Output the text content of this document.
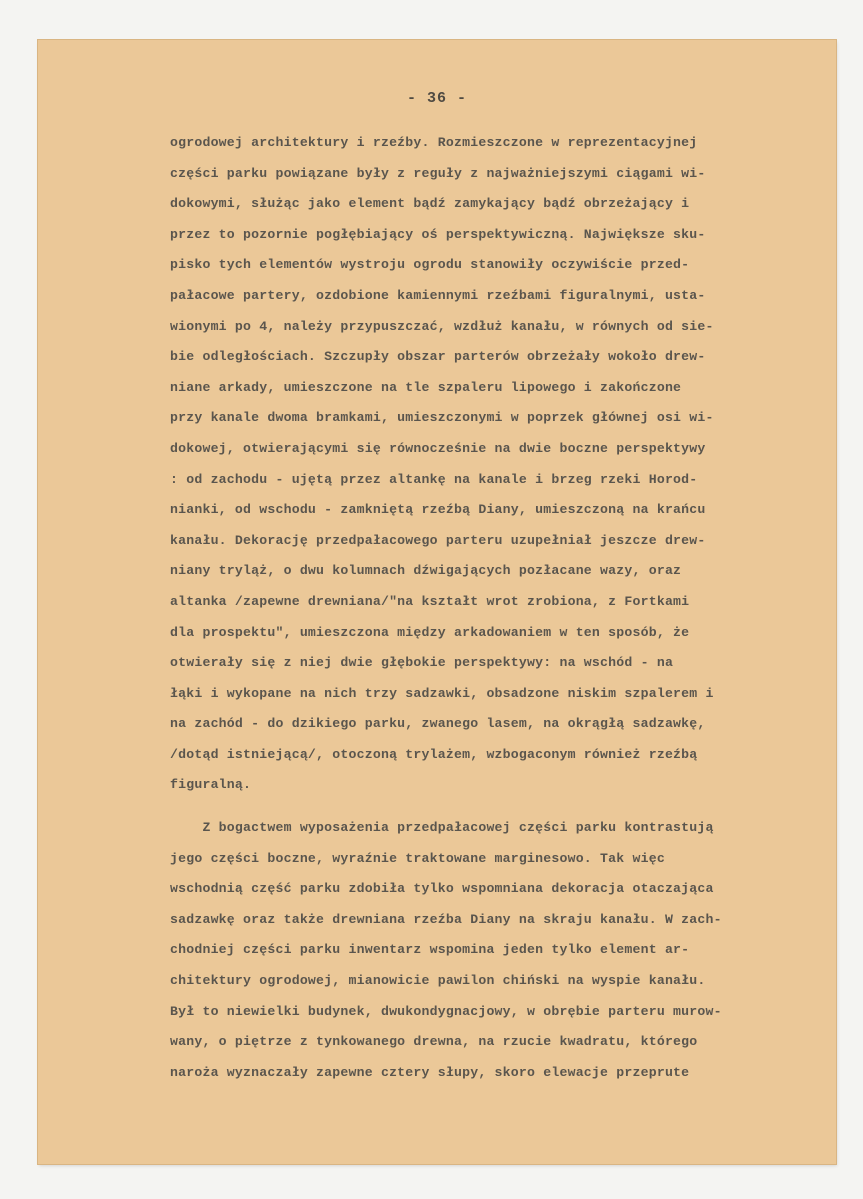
- 36 -
ogrodowej architektury i rzeźby. Rozmieszczone w reprezentacyjnej
części parku powiązane były z reguły z najważniejszymi ciągami wi-
dokowymi, służąc jako element bądź zamykający bądź obrzeżający i
przez to pozornie pogłębiający oś perspektywiczną. Największe sku-
pisko tych elementów wystroju ogrodu stanowiły oczywiście przed-
pałacowe partery, ozdobione kamiennymi rzeźbami figuralnymi, usta-
wionymi po 4, należy przypuszczać, wzdłuż kanału, w równych od sie-
bie odległościach. Szczupły obszar parterów obrzeżały wokoło drew-
niane arkady, umieszczone na tle szpaleru lipowego i zakończone
przy kanale dwoma bramkami, umieszczonymi w poprzek głównej osi wi-
dokowej, otwierającymi się równocześnie na dwie boczne perspektywy
: od zachodu - ujętą przez altankę na kanale i brzeg rzeki Horod-
nianki, od wschodu - zamkniętą rzeźbą Diany, umieszczoną na krańcu
kanału. Dekorację przedpałacowego parteru uzupełniał jeszcze drew-
niany tryląż, o dwu kolumnach dźwigających pozłacane wazy, oraz
altanka /zapewne drewniana/"na kształt wrot zrobiona, z Fortkami
dla prospektu", umieszczona między arkadowaniem w ten sposób, że
otwierały się z niej dwie głębokie perspektywy: na wschód - na
łąki i wykopane na nich trzy sadzawki, obsadzone niskim szpalerem i
na zachód - do dzikiego parku, zwanego lasem, na okrągłą sadzawkę,
/dotąd istniejącą/, otoczoną trylażem, wzbogaconym również rzeźbą
figuralną.
Z bogactwem wyposażenia przedpałacowej części parku kontrastują
jego części boczne, wyraźnie traktowane marginesowo. Tak więc
wschodnią część parku zdobiła tylko wspomniana dekoracja otaczająca
sadzawkę oraz także drewniana rzeźba Diany na skraju kanału. W zach-
chodniej części parku inwentarz wspomina jeden tylko element ar-
chitektury ogrodowej, mianowicie pawilon chiński na wyspie kanału.
Był to niewielki budynek, dwukondygnacjowy, w obrębie parteru murow-
wany, o piętrze z tynkowanego drewna, na rzucie kwadratu, którego
naroża wyznaczały zapewne cztery słupy, skoro elewacje przeprute
